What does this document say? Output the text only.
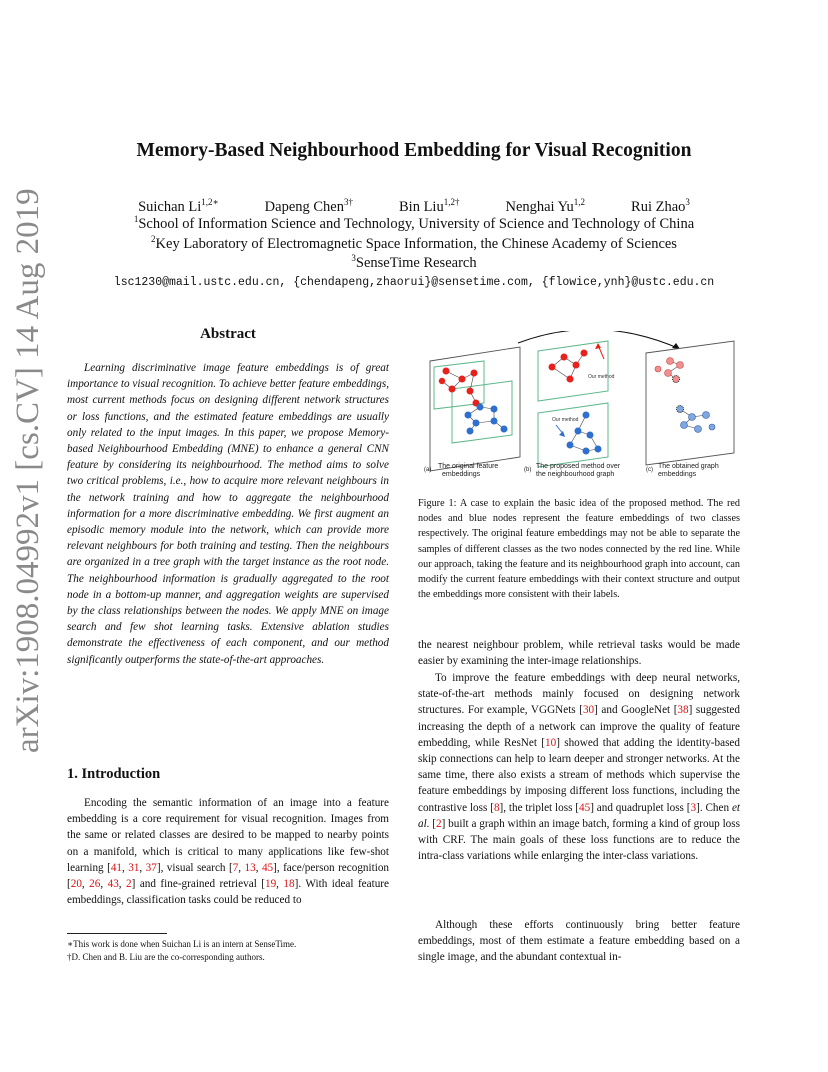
arXiv:1908.04992v1 [cs.CV] 14 Aug 2019
Memory-Based Neighbourhood Embedding for Visual Recognition
Suichan $Li^{1,2∗}$	Dapeng Chen$^{3\dagger}$	Bin Liu$^{1,2\dagger}$	Nenghai Yu$^{1,2}$	Rui Zhao$^3$
$^1$School of Information Science and Technology, University of Science and Technology of China
$^2$Key Laboratory of Electromagnetic Space Information, the Chinese Academy of Sciences
$^3$SenseTime Research
lsc1230@mail.ustc.edu.cn, {chendapeng,zhaorui}@sensetime.com, {flowice,ynh}@ustc.edu.cn
Abstract
Learning discriminative image feature embeddings is of great importance to visual recognition. To achieve better feature embeddings, most current methods focus on designing different network structures or loss functions, and the estimated feature embeddings are usually only related to the input images. In this paper, we propose Memory-based Neighbourhood Embedding (MNE) to enhance a general CNN feature by considering its neighbourhood. The method aims to solve two critical problems, i.e., how to acquire more relevant neighbours in the network training and how to aggregate the neighbourhood information for a more discriminative embedding. We first augment an episodic memory module into the network, which can provide more relevant neighbours for both training and testing. Then the neighbours are organized in a tree graph with the target instance as the root node. The neighbourhood information is gradually aggregated to the root node in a bottom-up manner, and aggregation weights are supervised by the class relationships between the nodes. We apply MNE on image search and few shot learning tasks. Extensive ablation studies demonstrate the effectiveness of each component, and our method significantly outperforms the state-of-the-art approaches.
1. Introduction
Encoding the semantic information of an image into a feature embedding is a core requirement for visual recognition. Images from the same or related classes are desired to be mapped to nearby points on a manifold, which is critical to many applications like few-shot learning [41, 31, 37], visual search [7, 13, 45], face/person recognition [20, 26, 43, 2] and fine-grained retrieval [19, 18]. With ideal feature embeddings, classification tasks could be reduced to
∗This work is done when Suichan Li is an intern at SenseTime.
†D. Chen and B. Liu are the co-corresponding authors.
Our method
Our method
(a) The original feature
embeddings
(b) The proposed method over
the neighbourhood graph
(c) The obtained graph
embeddings
Figure 1: A case to explain the basic idea of the proposed method. The red nodes and blue nodes represent the feature embeddings of two classes respectively. The original feature embeddings may not be able to separate the samples of different classes as the two nodes connected by the red line. While our approach, taking the feature and its neighbourhood graph into account, can modify the current feature embeddings with their context structure and output the embeddings more consistent with their labels.
the nearest neighbour problem, while retrieval tasks would be made easier by examining the inter-image relationships.
To improve the feature embeddings with deep neural networks, state-of-the-art methods mainly focused on designing network structures. For example, VGGNets [30] and GoogleNet [38] suggested increasing the depth of a network can improve the quality of feature embedding, while ResNet [10] showed that adding the identity-based skip connections can help to learn deeper and stronger networks. At the same time, there also exists a stream of methods which supervise the feature embeddings by imposing different loss functions, including the contrastive loss [8], the triplet loss [45] and quadruplet loss [3]. Chen et al. [2] built a graph within an image batch, forming a kind of group loss with CRF. The main goals of these loss functions are to reduce the intra-class variations while enlarging the inter-class variations.
Although these efforts continuously bring better feature embeddings, most of them estimate a feature embedding based on a single image, and the abundant contextual in-
